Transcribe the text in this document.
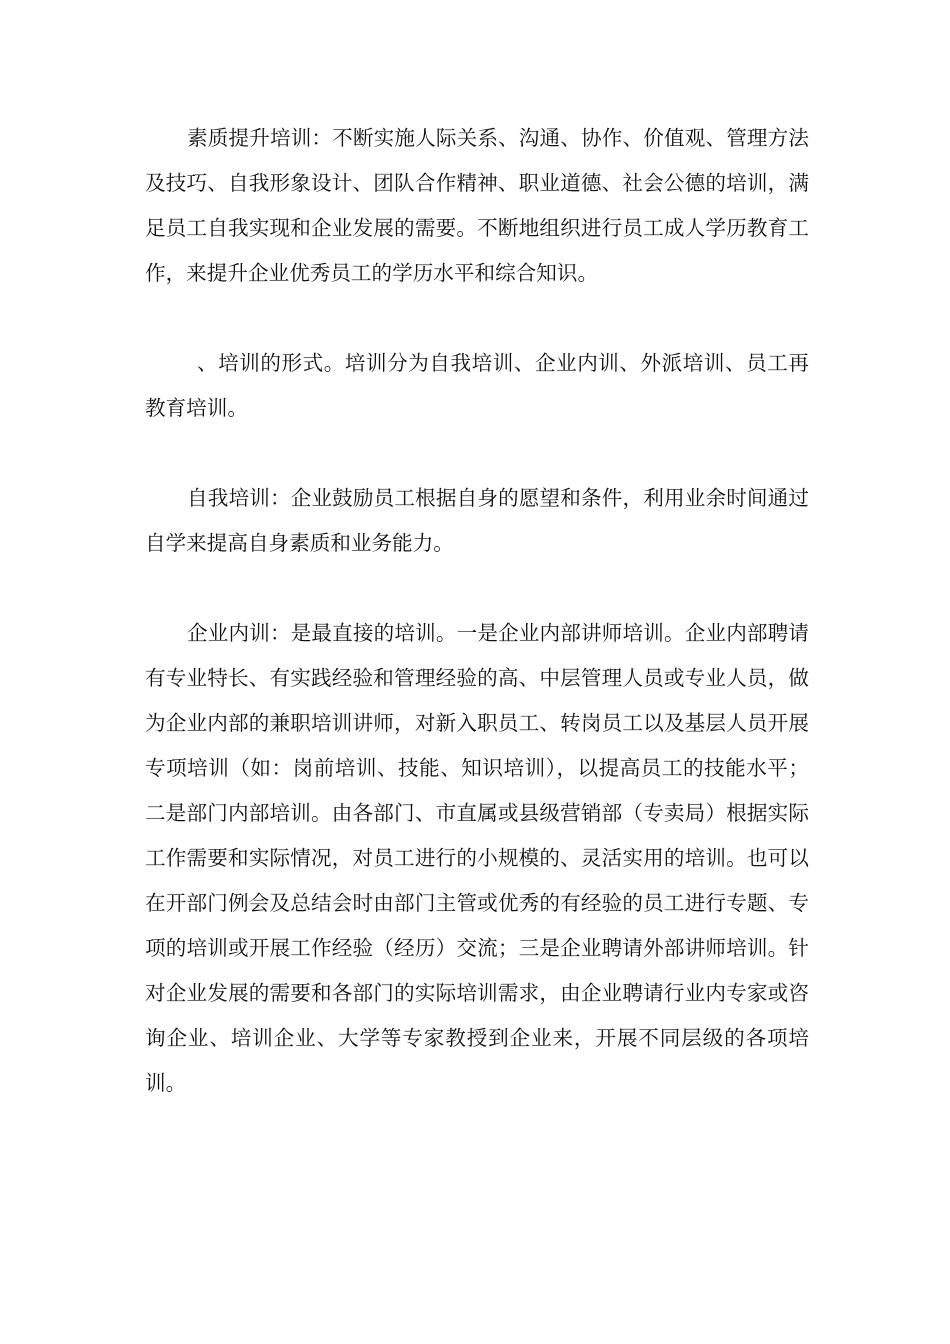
素质提升培训：不断实施人际关系、沟通、协作、价值观、管理方法及技巧、自我形象设计、团队合作精神、职业道德、社会公德的培训，满足员工自我实现和企业发展的需要。不断地组织进行员工成人学历教育工作，来提升企业优秀员工的学历水平和综合知识。

、培训的形式。培训分为自我培训、企业内训、外派培训、员工再教育培训。

自我培训：企业鼓励员工根据自身的愿望和条件，利用业余时间通过自学来提高自身素质和业务能力。

企业内训：是最直接的培训。一是企业内部讲师培训。企业内部聘请有专业特长、有实践经验和管理经验的高、中层管理人员或专业人员，做为企业内部的兼职培训讲师，对新入职员工、转岗员工以及基层人员开展专项培训（如：岗前培训、技能、知识培训），以提高员工的技能水平；二是部门内部培训。由各部门、市直属或县级营销部（专卖局）根据实际工作需要和实际情况，对员工进行的小规模的、灵活实用的培训。也可以在开部门例会及总结会时由部门主管或优秀的有经验的员工进行专题、专项的培训或开展工作经验（经历）交流；三是企业聘请外部讲师培训。针对企业发展的需要和各部门的实际培训需求，由企业聘请行业内专家或咨询企业、培训企业、大学等专家教授到企业来，开展不同层级的各项培训。
